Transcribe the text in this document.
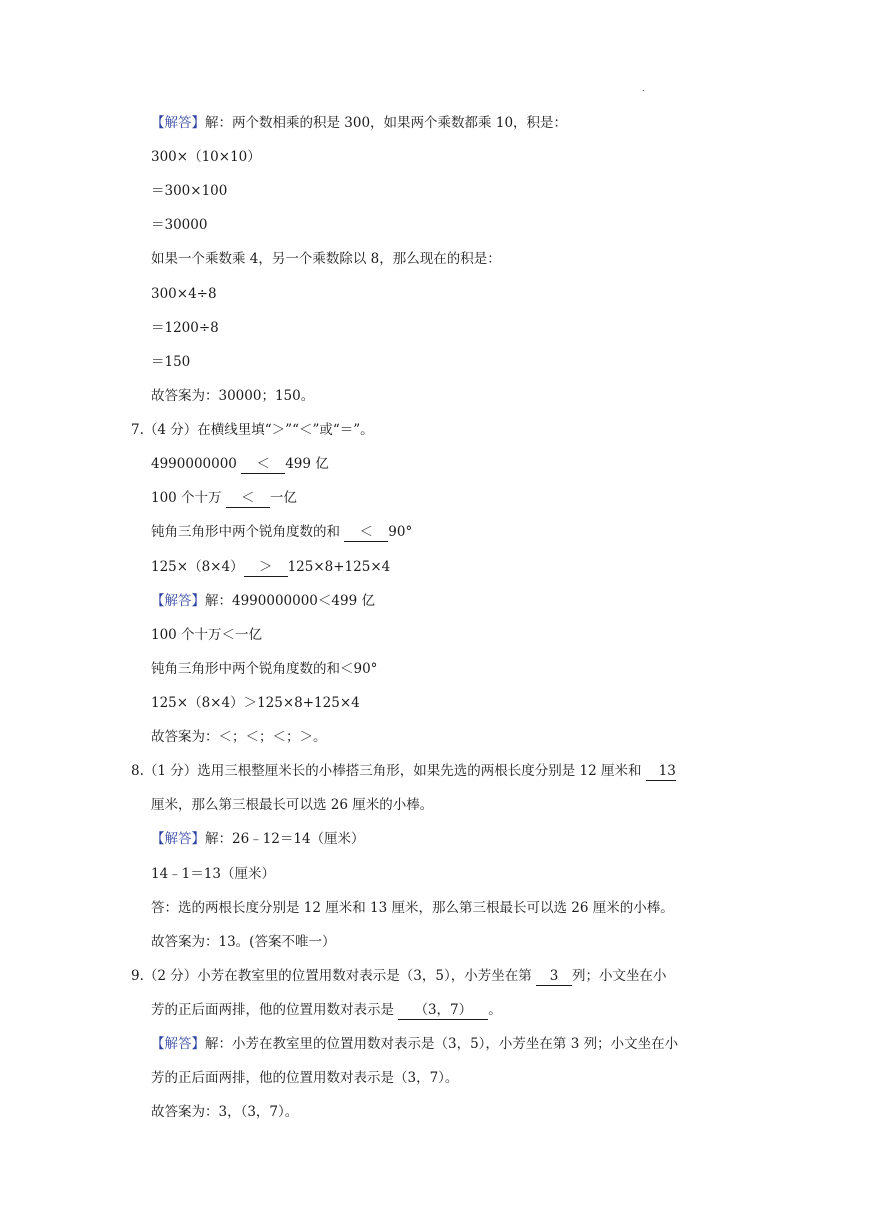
.
【解答】解：两个数相乘的积是 300，如果两个乘数都乘 10，积是：
300×（10×10）
＝300×100
＝30000
如果一个乘数乘 4，另一个乘数除以 8，那么现在的积是：
300×4÷8
＝1200÷8
＝150
故答案为：30000；150。
7.（4 分）在横线里填“＞”“＜”或“＝”。
4990000000 ＜ 499 亿
100 个十万 ＜ 一亿
钝角三角形中两个锐角度数的和 ＜ 90°
125×（8×4） ＞ 125×8+125×4
【解答】解：4990000000＜499 亿
100 个十万＜一亿
钝角三角形中两个锐角度数的和＜90°
125×（8×4）＞125×8+125×4
故答案为：＜；＜；＜；＞。
8.（1 分）选用三根整厘米长的小棒搭三角形，如果先选的两根长度分别是 12 厘米和 13
厘米，那么第三根最长可以选 26 厘米的小棒。
【解答】解：26﹣12＝14（厘米）
14﹣1＝13（厘米）
答：选的两根长度分别是 12 厘米和 13 厘米，那么第三根最长可以选 26 厘米的小棒。
故答案为：13。(答案不唯一）
9.（2 分）小芳在教室里的位置用数对表示是（3，5），小芳坐在第 3 列；小文坐在小
芳的正后面两排，他的位置用数对表示是 （3，7） 。
【解答】解：小芳在教室里的位置用数对表示是（3，5），小芳坐在第 3 列；小文坐在小
芳的正后面两排，他的位置用数对表示是（3，7）。
故答案为：3，（3，7）。
